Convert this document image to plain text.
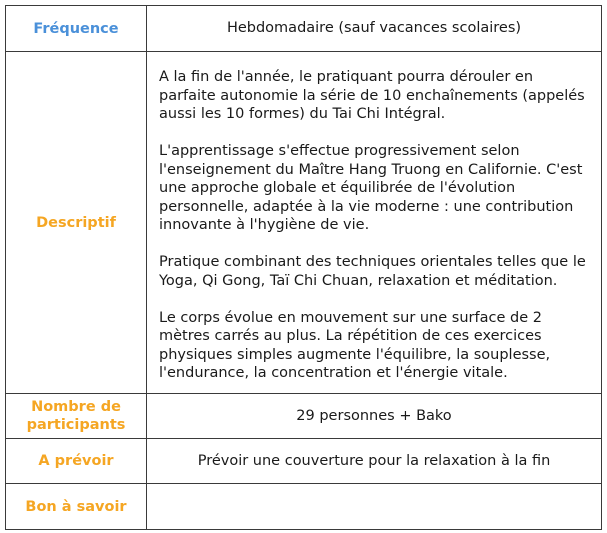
Fréquence	Hebdomadaire (sauf vacances scolaires)
Descriptif	A la fin de l'année, le pratiquant pourra dérouler en parfaite autonomie la série de 10 enchaînements (appelés aussi les 10 formes) du Tai Chi Intégral.

L'apprentissage s'effectue progressivement selon l'enseignement du Maître Hang Truong en Californie. C'est une approche globale et équilibrée de l'évolution personnelle, adaptée à la vie moderne : une contribution innovante à l'hygiène de vie.

Pratique combinant des techniques orientales telles que le Yoga, Qi Gong, Taï Chi Chuan, relaxation et méditation.

Le corps évolue en mouvement sur une surface de 2 mètres carrés au plus. La répétition de ces exercices physiques simples augmente l'équilibre, la souplesse, l'endurance, la concentration et l'énergie vitale.

Nombre de
participants	29 personnes + Bako
A prévoir	Prévoir une couverture pour la relaxation à la fin
Bon à savoir	
